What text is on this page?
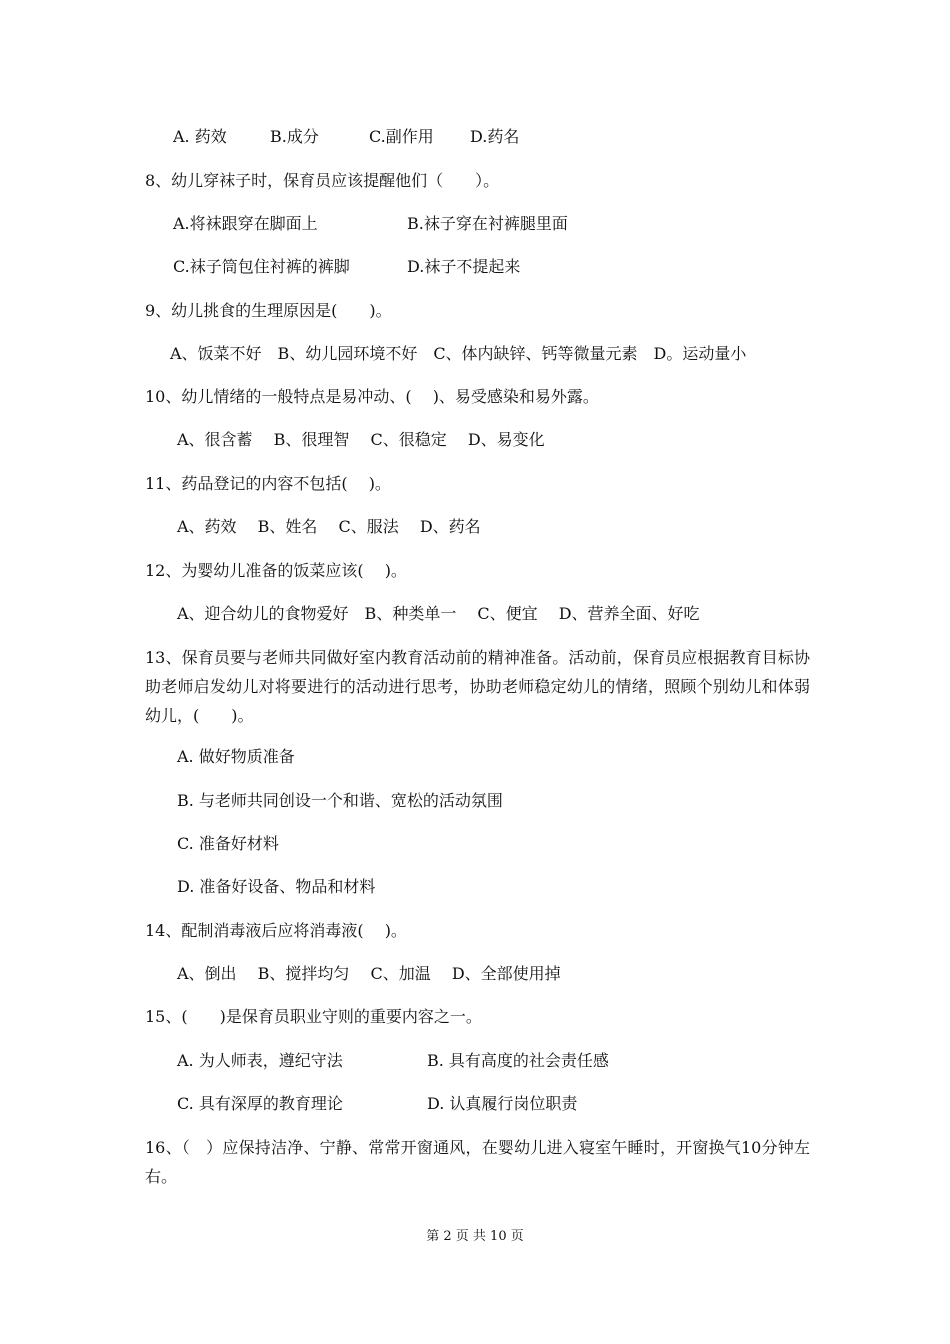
A. 药效	B.成分	C.副作用 D.药名
8、幼儿穿袜子时，保育员应该提醒他们（　　）。
A.将袜跟穿在脚面上	B.袜子穿在衬裤腿里面
C.袜子筒包住衬裤的裤脚	D.袜子不提起来
9、幼儿挑食的生理原因是(　　)。
A、饭菜不好　B、幼儿园环境不好　C、体内缺锌、钙等微量元素　D。运动量小
10、幼儿情绪的一般特点是易冲动、(　 )、易受感染和易外露。
A、很含蓄　 B、很理智　 C、很稳定　 D、易变化
11、药品登记的内容不包括(　 )。
A、药效　 B、姓名　 C、服法　 D、药名
12、为婴幼儿准备的饭菜应该(　 )。
A、迎合幼儿的食物爱好　B、种类单一　 C、便宜　 D、营养全面、好吃
13、保育员要与老师共同做好室内教育活动前的精神准备。活动前，保育员应根据教育目标协助老师启发幼儿对将要进行的活动进行思考，协助老师稳定幼儿的情绪，照顾个别幼儿和体弱幼儿，(　　)。
A. 做好物质准备
B. 与老师共同创设一个和谐、宽松的活动氛围
C. 准备好材料
D. 准备好设备、物品和材料
14、配制消毒液后应将消毒液(　 )。
A、倒出　 B、搅拌均匀　 C、加温　 D、全部使用掉
15、(　　)是保育员职业守则的重要内容之一。
A. 为人师表，遵纪守法	B. 具有高度的社会责任感
C. 具有深厚的教育理论	D. 认真履行岗位职责
16、（　）应保持洁净、宁静、常常开窗通风，在婴幼儿进入寝室午睡时，开窗换气10分钟左右。
第 2 页 共 10 页
